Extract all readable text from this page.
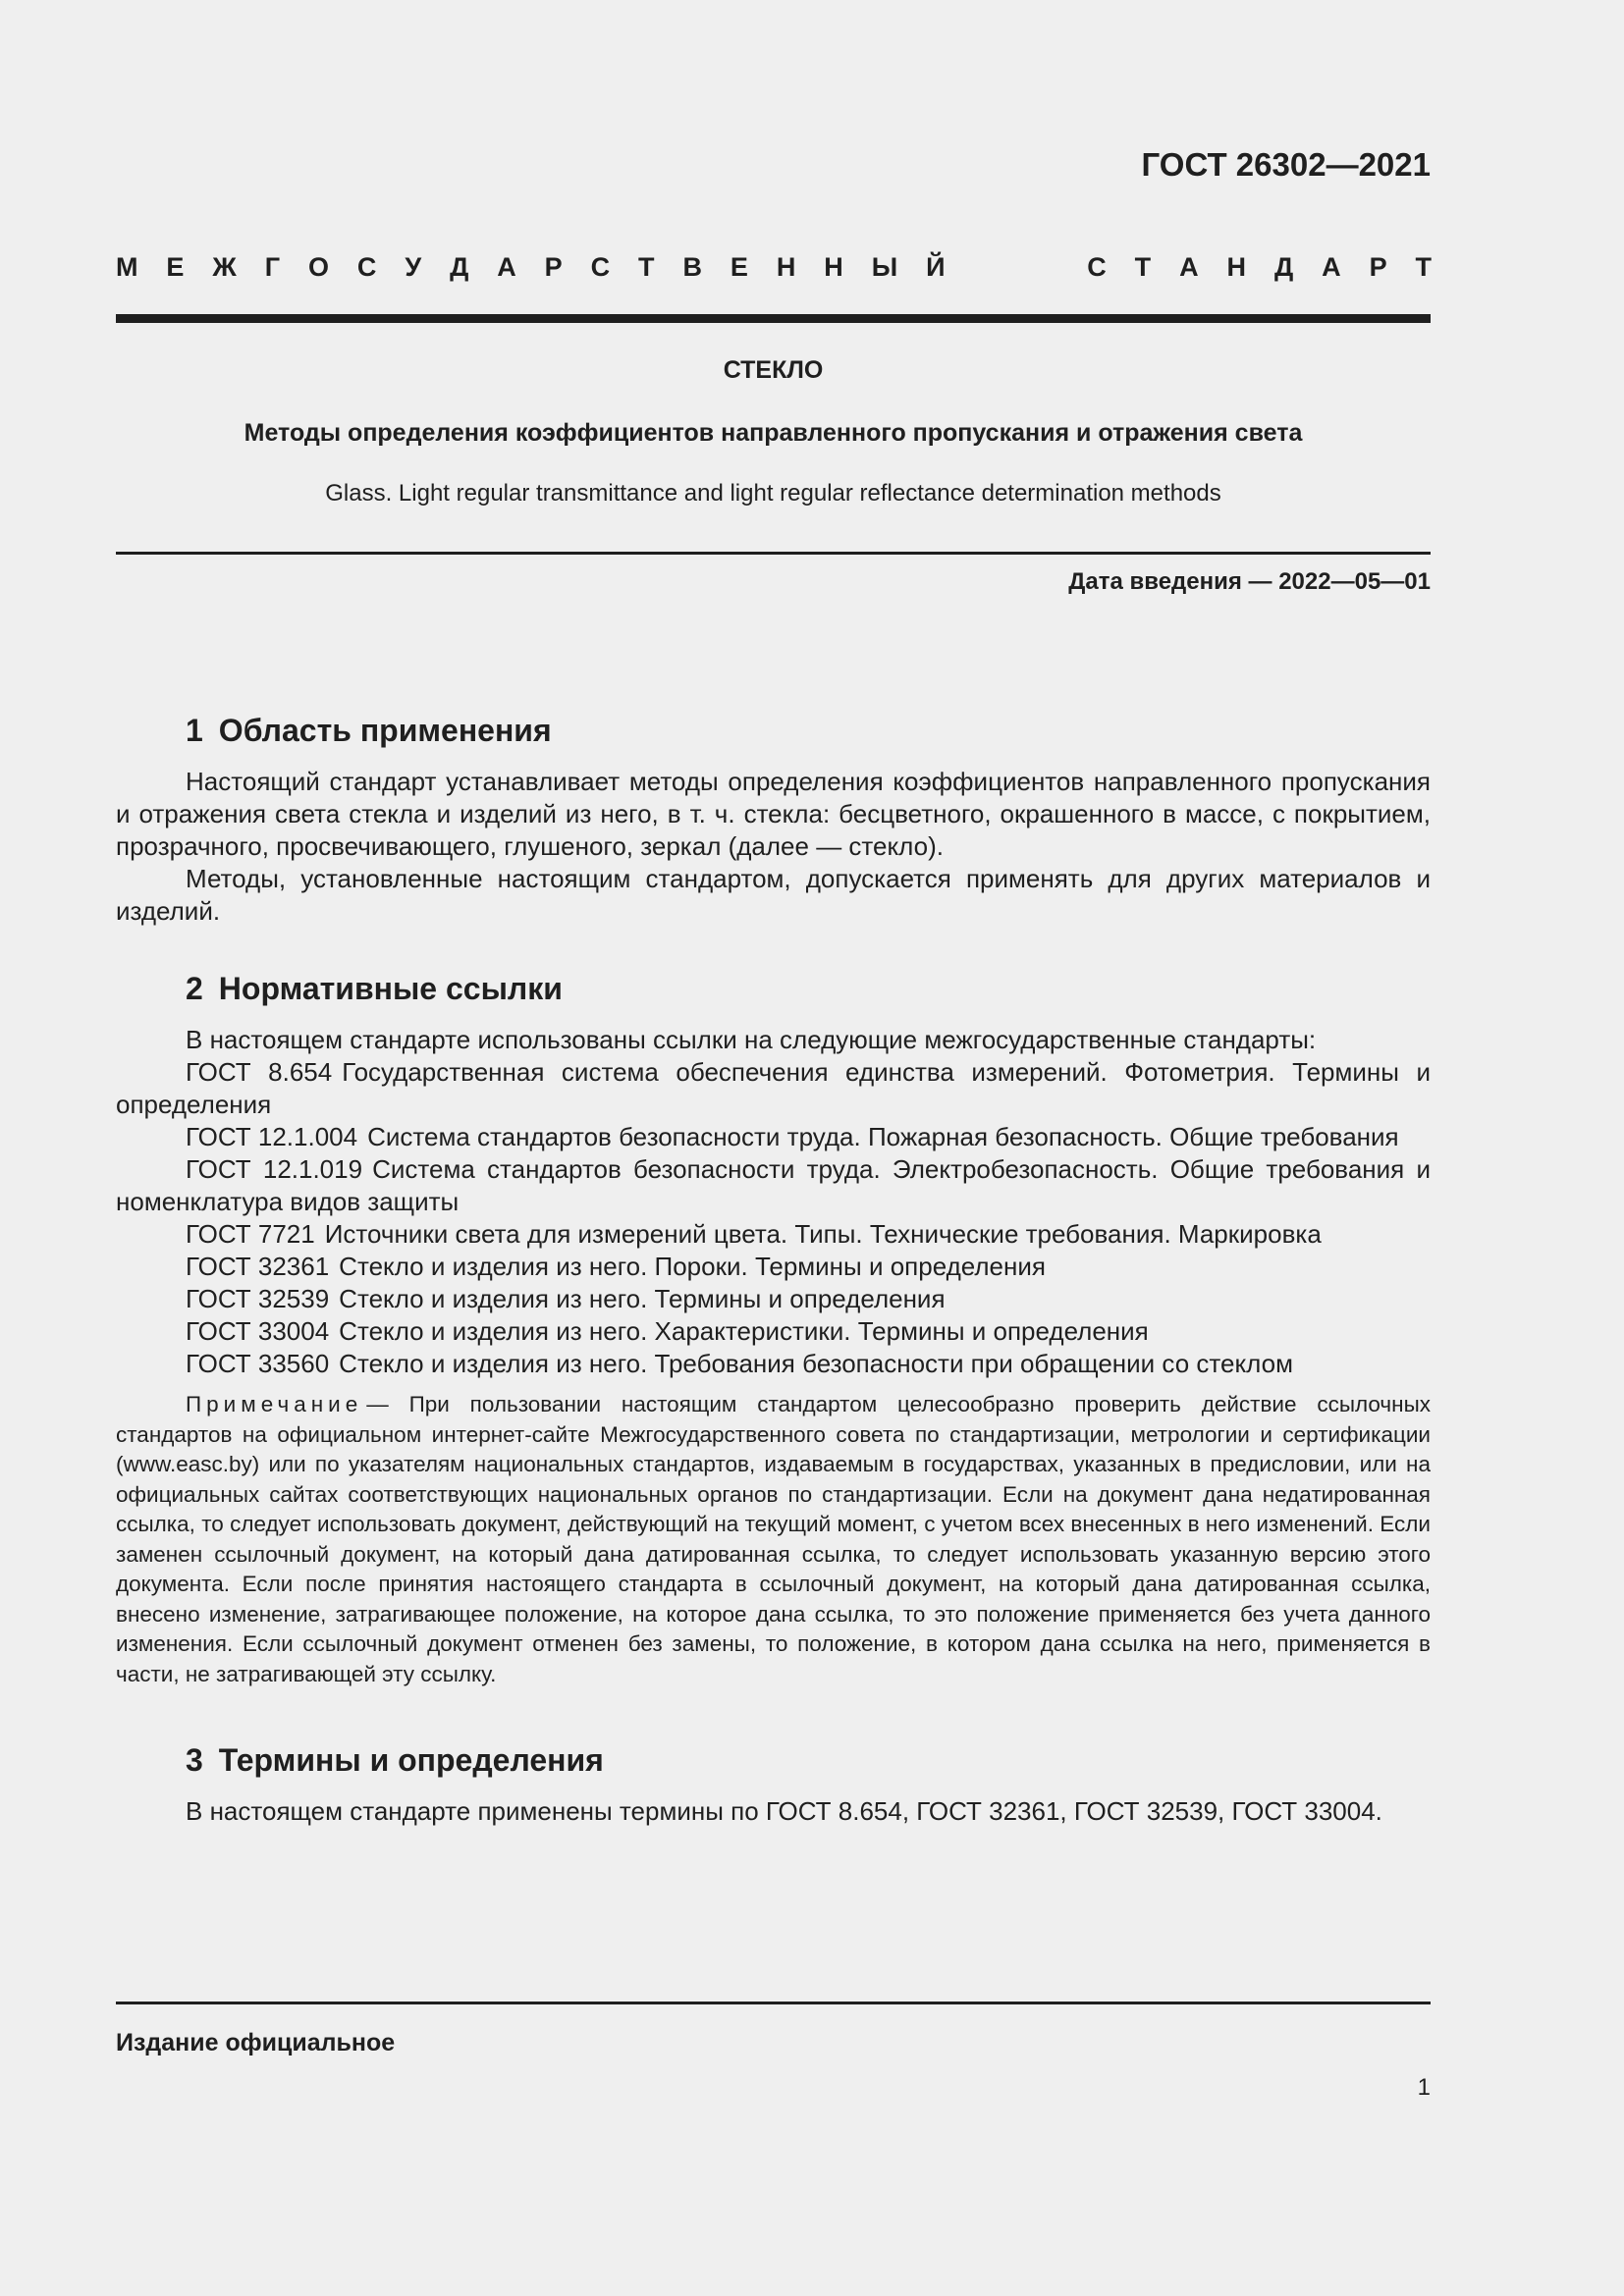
ГОСТ 26302—2021
М Е Ж Г О С У Д А Р С Т В Е Н Н Ы Й	С Т А Н Д А Р Т
СТЕКЛО
Методы определения коэффициентов направленного пропускания и отражения света
Glass. Light regular transmittance and light regular reflectance determination methods
Дата введения — 2022—05—01
1 Область применения

Настоящий стандарт устанавливает методы определения коэффициентов направленного пропускания и отражения света стекла и изделий из него, в т. ч. стекла: бесцветного, окрашенного в массе, с покрытием, прозрачного, просвечивающего, глушеного, зеркал (далее — стекло).

Методы, установленные настоящим стандартом, допускается применять для других материалов и изделий.

2 Нормативные ссылки

В настоящем стандарте использованы ссылки на следующие межгосударственные стандарты:

ГОСТ 8.654 Государственная система обеспечения единства измерений. Фотометрия. Термины и определения
ГОСТ 12.1.004 Система стандартов безопасности труда. Пожарная безопасность. Общие требования
ГОСТ 12.1.019 Система стандартов безопасности труда. Электробезопасность. Общие требования и номенклатура видов защиты
ГОСТ 7721 Источники света для измерений цвета. Типы. Технические требования. Маркировка
ГОСТ 32361 Стекло и изделия из него. Пороки. Термины и определения
ГОСТ 32539 Стекло и изделия из него. Термины и определения
ГОСТ 33004 Стекло и изделия из него. Характеристики. Термины и определения
ГОСТ 33560 Стекло и изделия из него. Требования безопасности при обращении со стеклом

Примечание — При пользовании настоящим стандартом целесообразно проверить действие ссылочных стандартов на официальном интернет-сайте Межгосударственного совета по стандартизации, метрологии и сертификации (www.easc.by) или по указателям национальных стандартов, издаваемым в государствах, указанных в предисловии, или на официальных сайтах соответствующих национальных органов по стандартизации. Если на документ дана недатированная ссылка, то следует использовать документ, действующий на текущий момент, с учетом всех внесенных в него изменений. Если заменен ссылочный документ, на который дана датированная ссылка, то следует использовать указанную версию этого документа. Если после принятия настоящего стандарта в ссылочный документ, на который дана датированная ссылка, внесено изменение, затрагивающее положение, на которое дана ссылка, то это положение применяется без учета данного изменения. Если ссылочный документ отменен без замены, то положение, в котором дана ссылка на него, применяется в части, не затрагивающей эту ссылку.

3 Термины и определения

В настоящем стандарте применены термины по ГОСТ 8.654, ГОСТ 32361, ГОСТ 32539, ГОСТ 33004.

Издание официальное
1
